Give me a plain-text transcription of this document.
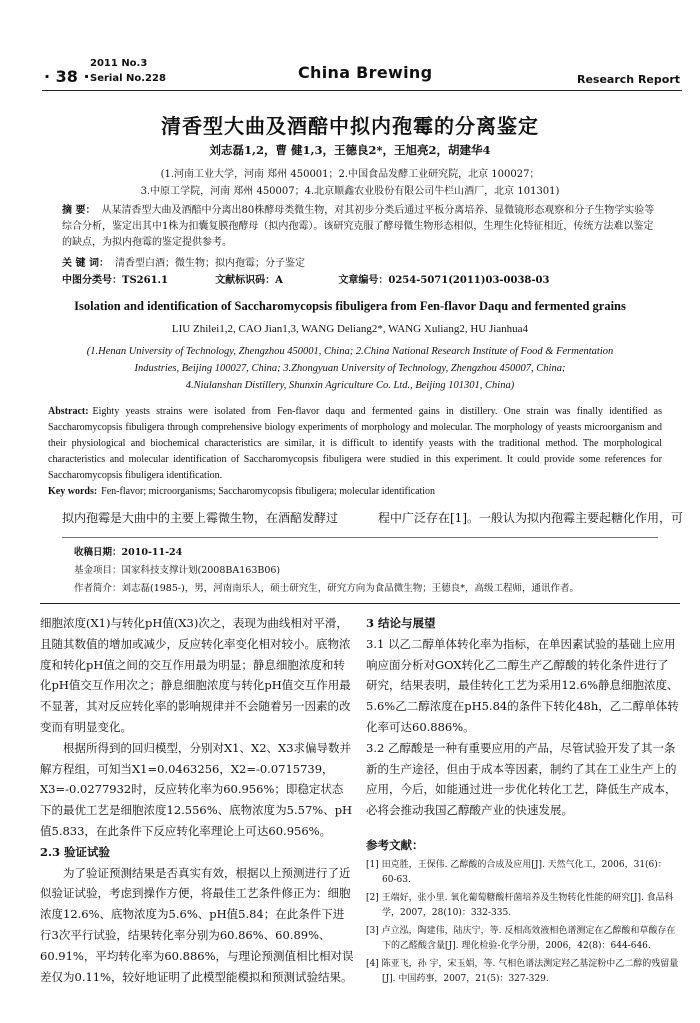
2011 No.3
· 38 · Serial No.228	China Brewing	Research Report
清香型大曲及酒醅中拟内孢霉的分离鉴定
刘志磊1,2，曹 健1,3，王德良2*，王旭亮2，胡建华4
(1.河南工业大学，河南 郑州 450001；2.中国食品发酵工业研究院，北京 100027；
3.中原工学院，河南 郑州 450007；4.北京顺鑫农业股份有限公司牛栏山酒厂，北京 101301)
摘 要： 从某清香型大曲及酒醅中分离出80株酵母类微生物，对其初步分类后通过平板分离培养、显微镜形态观察和分子生物学实验等综合分析，鉴定出其中1株为扣囊复膜孢酵母（拟内孢霉）。该研究克服了酵母微生物形态相似，生理生化特征相近，传统方法难以鉴定的缺点，为拟内孢霉的鉴定提供参考。
关 键 词： 清香型白酒；微生物；拟内孢霉；分子鉴定
中图分类号：TS261.1	文献标识码：A	文章编号：0254-5071(2011)03-0038-03
Isolation and identification of Saccharomycopsis fibuligera from Fen-flavor Daqu and fermented grains
LIU Zhilei1,2, CAO Jian1,3, WANG Deliang2*, WANG Xuliang2, HU Jianhua4
(1.Henan University of Technology, Zhengzhou 450001, China; 2.China National Research Institute of Food & Fermentation
Industries, Beijing 100027, China; 3.Zhongyuan University of Technology, Zhengzhou 450007, China;
4.Niulanshan Distillery, Shunxin Agriculture Co. Ltd., Beijing 101301, China)
Abstract: Eighty yeasts strains were isolated from Fen-flavor daqu and fermented gains in distillery. One strain was finally identified as Saccharomycopsis fibuligera through comprehensive biology experiments of morphology and molecular. The morphology of yeasts microorganism and their physiological and biochemical characteristics are similar, it is difficult to identify yeasts with the traditional method. The morphological characteristics and molecular identification of Saccharomycopsis fibuligera were studied in this experiment. It could provide some references for Saccharomycopsis fibuligera identification.
Key words: Fen-flavor; microorganisms; Saccharomycopsis fibuligera; molecular identification
拟内孢霉是大曲中的主要上霉微生物，在酒醅发酵过	程中广泛存在[1]。一般认为拟内孢霉主要起糖化作用，可
收稿日期：2010-11-24
基金项目：国家科技支撑计划(2008BA163B06)
作者简介：刘志磊(1985-)，男，河南南乐人，硕士研究生，研究方向为食品微生物；王德良*，高级工程师，通讯作者。

细胞浓度(X1)与转化pH值(X3)次之，表现为曲线相对平滑，且随其数值的增加或减少，反应转化率变化相对较小。底物浓度和转化pH值之间的交互作用最为明显；静息细胞浓度和转化pH值交互作用次之；静息细胞浓度与转化pH值交互作用最不显著，其对反应转化率的影响规律并不会随着另一因素的改变而有明显变化。

根据所得到的回归模型，分别对X1、X2、X3求偏导数并解方程组，可知当X1=0.0463256，X2=-0.0715739，X3=-0.0277932时，反应转化率为60.956%；即稳定状态下的最优工艺是细胞浓度12.556%、底物浓度为5.57%、pH值5.833，在此条件下反应转化率理论上可达60.956%。

2.3 验证试验

为了验证预测结果是否真实有效，根据以上预测进行了近似验证试验，考虑到操作方便，将最佳工艺条件修正为：细胞浓度12.6%、底物浓度为5.6%、pH值5.84；在此条件下进行3次平行试验，结果转化率分别为60.86%、60.89%、60.91%，平均转化率为60.886%，与理论预测值相比相对误差仅为0.11%，较好地证明了此模型能模拟和预测试验结果。

3 结论与展望

3.1 以乙二醇单体转化率为指标，在单因素试验的基础上应用响应面分析对GOX转化乙二醇生产乙醇酸的转化条件进行了研究，结果表明，最佳转化工艺为采用12.6%静息细胞浓度、5.6%乙二醇浓度在pH5.84的条件下转化48h，乙二醇单体转化率可达60.886%。

3.2 乙醇酸是一种有重要应用的产品，尽管试验开发了其一条新的生产途径，但由于成本等因素，制约了其在工业生产上的应用，今后，如能通过进一步优化转化工艺，降低生产成本，必将会推动我国乙醇酸产业的快速发展。

参考文献：
[1] 田克胜，王保伟. 乙醇酸的合成及应用[J]. 天然气化工，2006，31(6)：60-63.
[2] 王端好，张小里. 氧化葡萄糖酸杆菌培养及生物转化性能的研究[J]. 食品科学，2007，28(10)：332-335.
[3] 卢立泓，陶建伟，陆庆宁，等. 反相高效液相色谱测定在乙醇酸和草酸存在下的乙醛酸含量[J]. 理化检验-化学分册，2006，42(8)：644-646.
[4] 陈亚飞，孙 宇，宋玉娟，等. 气相色谱法测定羟乙基淀粉中乙二醇的残留量[J]. 中国药事，2007，21(5)：327-329.
